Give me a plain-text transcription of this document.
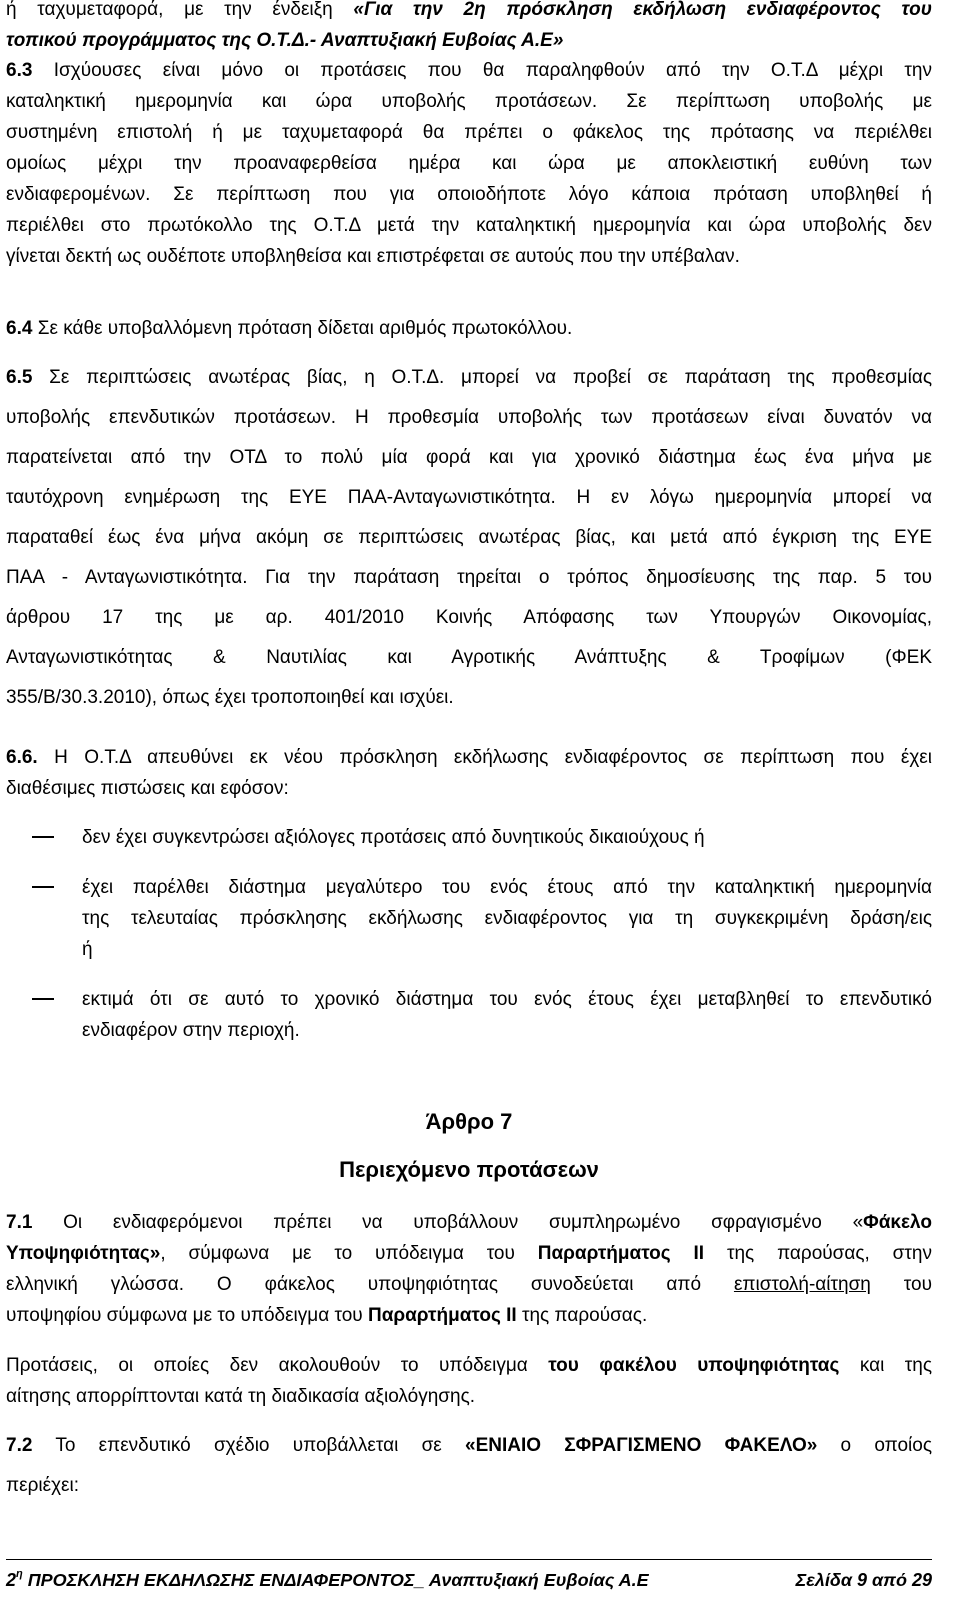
ή ταχυμεταφορά, με την ένδειξη «Για την 2η πρόσκληση εκδήλωση ενδιαφέροντος του
τοπικού προγράμματος της Ο.Τ.Δ.- Αναπτυξιακή Ευβοίας Α.Ε»
6.3 Ισχύουσες είναι μόνο οι προτάσεις που θα παραληφθούν από την Ο.Τ.Δ μέχρι την
καταληκτική ημερομηνία και ώρα υποβολής προτάσεων. Σε περίπτωση υποβολής με
συστημένη επιστολή ή με ταχυμεταφορά θα πρέπει ο φάκελος της πρότασης να περιέλθει
ομοίως μέχρι την προαναφερθείσα ημέρα και ώρα με αποκλειστική ευθύνη των
ενδιαφερομένων. Σε περίπτωση που για οποιοδήποτε λόγο κάποια πρόταση υποβληθεί ή
περιέλθει στο πρωτόκολλο της Ο.Τ.Δ μετά την καταληκτική ημερομηνία και ώρα υποβολής δεν
γίνεται δεκτή ως ουδέποτε υποβληθείσα και επιστρέφεται σε αυτούς που την υπέβαλαν.
6.4 Σε κάθε υποβαλλόμενη πρόταση δίδεται αριθμός πρωτοκόλλου.
6.5 Σε περιπτώσεις ανωτέρας βίας, η Ο.Τ.Δ. μπορεί να προβεί σε παράταση της προθεσμίας
υποβολής επενδυτικών προτάσεων. Η προθεσμία υποβολής των προτάσεων είναι δυνατόν να
παρατείνεται από την ΟΤΔ το πολύ μία φορά και για χρονικό διάστημα έως ένα μήνα με
ταυτόχρονη ενημέρωση της ΕΥΕ ΠΑΑ-Ανταγωνιστικότητα. Η εν λόγω ημερομηνία μπορεί να
παραταθεί έως ένα μήνα ακόμη σε περιπτώσεις ανωτέρας βίας, και μετά από έγκριση της ΕΥΕ
ΠΑΑ - Ανταγωνιστικότητα. Για την παράταση τηρείται ο τρόπος δημοσίευσης της παρ. 5 του
άρθρου 17 της με αρ. 401/2010 Κοινής Απόφασης των Υπουργών Οικονομίας,
Ανταγωνιστικότητας & Ναυτιλίας και Αγροτικής Ανάπτυξης & Τροφίμων (ΦΕΚ
355/Β/30.3.2010), όπως έχει τροποποιηθεί και ισχύει.
6.6. Η Ο.Τ.Δ απευθύνει εκ νέου πρόσκληση εκδήλωσης ενδιαφέροντος σε περίπτωση που έχει
διαθέσιμες πιστώσεις και εφόσον:
δεν έχει συγκεντρώσει αξιόλογες προτάσεις από δυνητικούς δικαιούχους ή
έχει παρέλθει διάστημα μεγαλύτερο του ενός έτους από την καταληκτική ημερομηνία
της τελευταίας πρόσκλησης εκδήλωσης ενδιαφέροντος για τη συγκεκριμένη δράση/εις
ή
εκτιμά ότι σε αυτό το χρονικό διάστημα του ενός έτους έχει μεταβληθεί το επενδυτικό
ενδιαφέρον στην περιοχή.
Άρθρο 7
Περιεχόμενο προτάσεων
7.1 Οι ενδιαφερόμενοι πρέπει να υποβάλλουν συμπληρωμένο σφραγισμένο «Φάκελο
Υποψηφιότητας», σύμφωνα με το υπόδειγμα του Παραρτήματος ΙΙ της παρούσας, στην
ελληνική γλώσσα. Ο φάκελος υποψηφιότητας συνοδεύεται από επιστολή-αίτηση του
υποψηφίου σύμφωνα με το υπόδειγμα του Παραρτήματος ΙΙ της παρούσας.
Προτάσεις, οι οποίες δεν ακολουθούν το υπόδειγμα του φακέλου υποψηφιότητας και της
αίτησης απορρίπτονται κατά τη διαδικασία αξιολόγησης.
7.2 Το επενδυτικό σχέδιο υποβάλλεται σε «ΕΝΙΑΙΟ ΣΦΡΑΓΙΣΜΕΝΟ ΦΑΚΕΛΟ» ο οποίος
περιέχει:
$2^\eta$ ΠΡΟΣΚΛΗΣΗ ΕΚΔΗΛΩΣΗΣ ΕΝΔΙΑΦΕΡΟΝΤΟΣ_ Αναπτυξιακή Ευβοίας Α.Ε	Σελίδα 9 από 29
